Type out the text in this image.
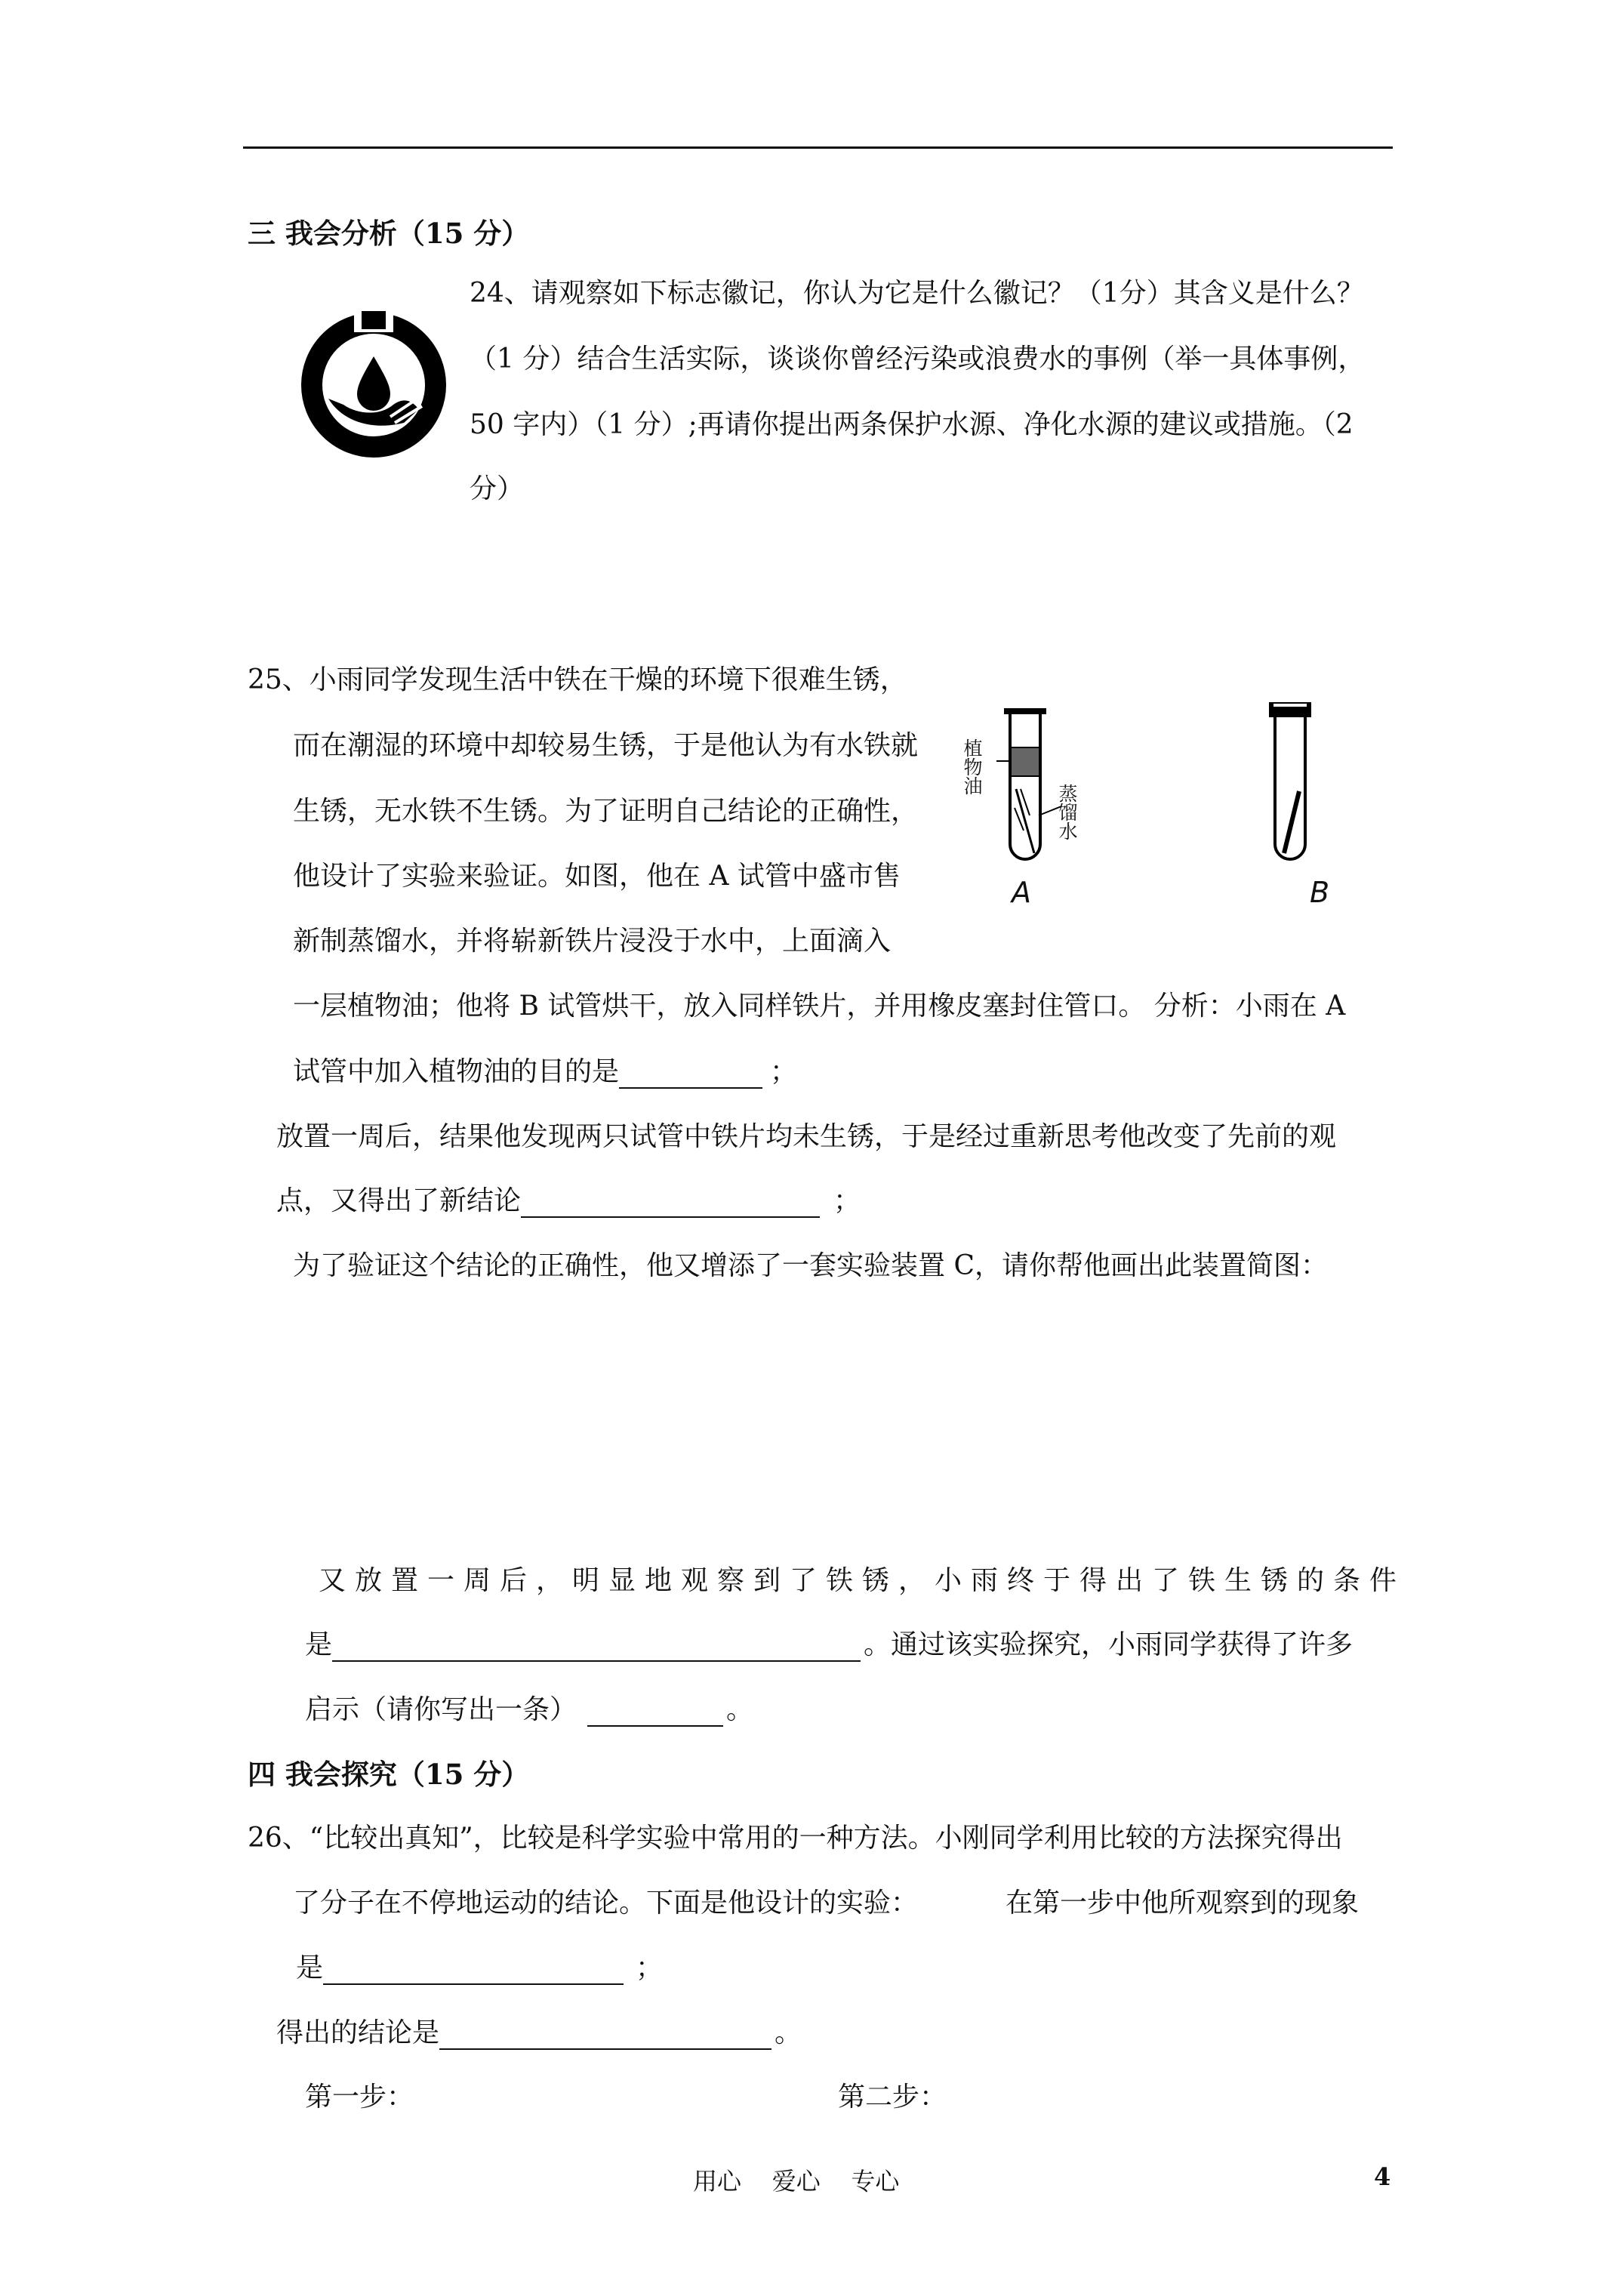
三 我会分析（15 分）
24、请观察如下标志徽记，你认为它是什么徽记？（1分）其含义是什么？
（1 分）结合生活实际，谈谈你曾经污染或浪费水的事例（举一具体事例，
50 字内）（1 分）;再请你提出两条保护水源、净化水源的建议或措施。（2
分）
25、小雨同学发现生活中铁在干燥的环境下很难生锈，
而在潮湿的环境中却较易生锈，于是他认为有水铁就
生锈，无水铁不生锈。为了证明自己结论的正确性，
他设计了实验来验证。如图，他在 A 试管中盛市售
新制蒸馏水，并将崭新铁片浸没于水中，上面滴入
植物油
蒸馏水
A	B
一层植物油；他将 B 试管烘干，放入同样铁片，并用橡皮塞封住管口。 分析：小雨在 A
试管中加入植物油的目的是	；
放置一周后，结果他发现两只试管中铁片均未生锈，于是经过重新思考他改变了先前的观
点，又得出了新结论	；
为了验证这个结论的正确性，他又增添了一套实验装置 C，请你帮他画出此装置简图：
又放置一周后，明显地观察到了铁锈，小雨终于得出了铁生锈的条件
是	。通过该实验探究，小雨同学获得了许多
启示（请你写出一条）	。
四 我会探究（15 分）
26、“比较出真知”，比较是科学实验中常用的一种方法。小刚同学利用比较的方法探究得出
了分子在不停地运动的结论。下面是他设计的实验：	在第一步中他所观察到的现象
是	；
得出的结论是	。
第一步：	第二步：
用心    爱心    专心	4
